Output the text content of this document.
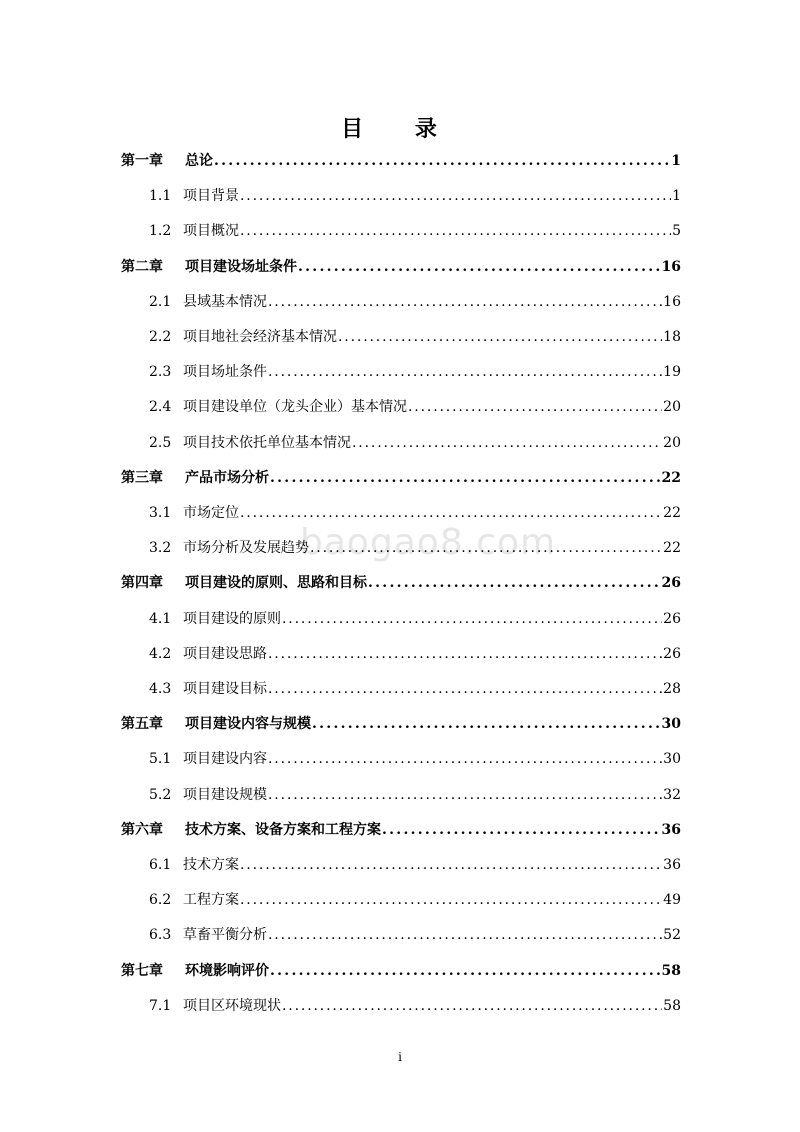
目 录
baogao8.com
第一章	总论 . . .	1
1.1 项目背景 . . .	1
1.2 项目概况 . . .	5
第二章	项目建设场址条件 . . .	16
2.1 县域基本情况 . . .	16
2.2 项目地社会经济基本情况 . . .	18
2.3 项目场址条件 . . .	19
2.4 项目建设单位（龙头企业）基本情况 . . .	20
2.5 项目技术依托单位基本情况 . . .	20
第三章	产品市场分析 . . .	22
3.1 市场定位 . . .	22
3.2 市场分析及发展趋势 . . .	22
第四章	项目建设的原则、思路和目标 . . .	26
4.1 项目建设的原则 . . .	26
4.2 项目建设思路 . . .	26
4.3 项目建设目标 . . .	28
第五章	项目建设内容与规模 . . .	30
5.1 项目建设内容 . . .	30
5.2 项目建设规模 . . .	32
第六章	技术方案、设备方案和工程方案 . . .	36
6.1 技术方案 . . .	36
6.2 工程方案 . . .	49
6.3 草畜平衡分析 . . .	52
第七章	环境影响评价 . . .	58
7.1 项目区环境现状 . . .	58
i
